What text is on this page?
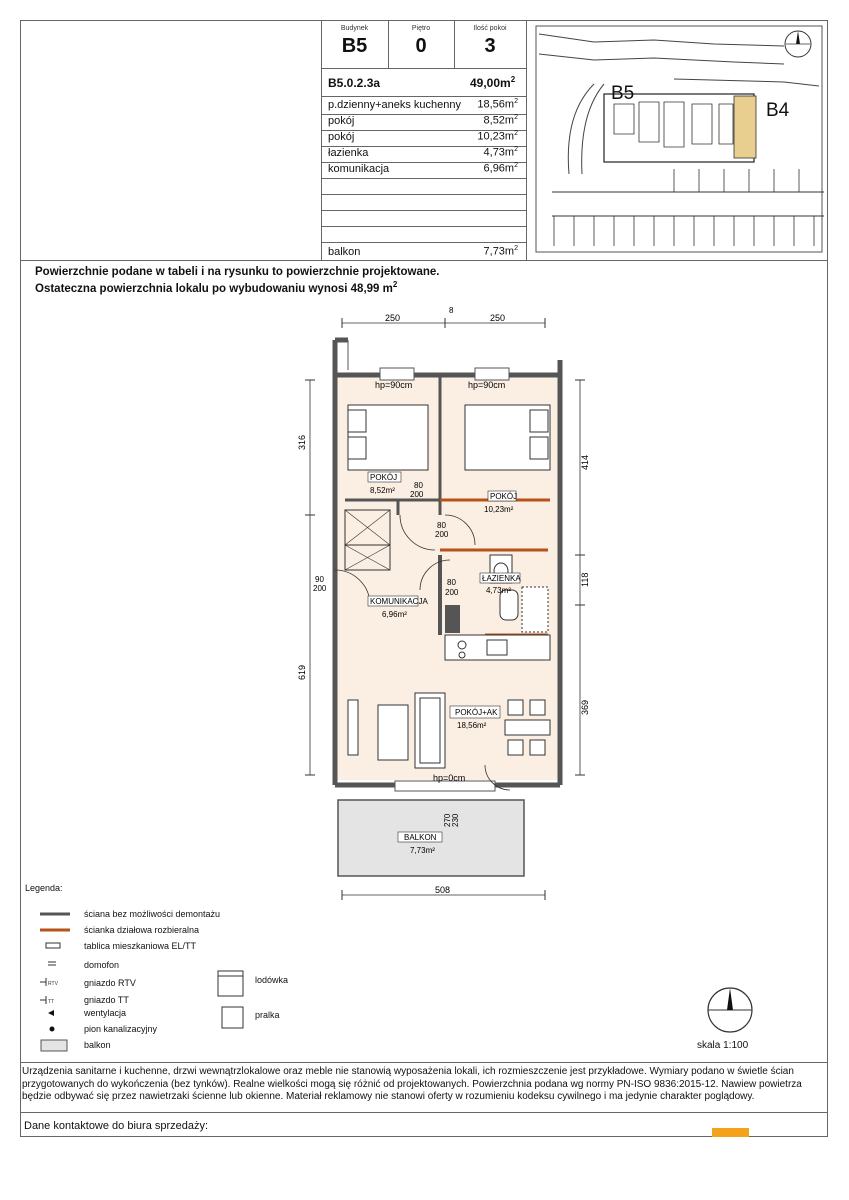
Budynek
B5
Piętro
0
Ilość pokoi
3
B5.0.2.3a	$49,00m^2$
p.dzienny+aneks kuchenny	$18,56m^2$
pokój	$8,52m^2$
pokój	$10,23m^2$
łazienka	$4,73m^2$
komunikacja	$6,96m^2$
balkon	$7,73m^2$
B5
B4
Powierzchnie podane w tabeli i na rysunku to powierzchnie projektowane.
Ostateczna powierzchnia lokalu po wybudowaniu wynosi 48,99 $m^2$
250
8
250
508
316
619
414
118
369
hp=90cm	hp=90cm
hp=0cm
80
200
80
200
80
200
90
200
270 230
POKÓJ
8,52m²
POKÓJ
10,23m²
ŁAZIENKA
4,73m²
KOMUNIKACJA
6,96m²
POKÓJ+AK
18,56m²
BALKON
7,73m²
Legenda:
RTV
TT
ściana bez możliwości demontażu
ścianka działowa rozbieralna
tablica mieszkaniowa EL/TT
domofon
gniazdo RTV
gniazdo TT
wentylacja
pion kanalizacyjny
balkon
lodówka
pralka
skala 1:100
Urządzenia sanitarne i kuchenne, drzwi wewnątrzlokalowe oraz meble nie stanowią wyposażenia lokali, ich rozmieszczenie jest przykładowe. Wymiary podano w świetle ścian przygotowanych do wykończenia (bez tynków). Realne wielkości mogą się różnić od projektowanych. Powierzchnia podana wg normy PN-ISO 9836:2015-12. Nawiew powietrza będzie odbywać się przez nawietrzaki ścienne lub okienne. Materiał reklamowy nie stanowi oferty w rozumieniu kodeksu cywilnego i ma jedynie charakter poglądowy.
Dane kontaktowe do biura sprzedaży:
